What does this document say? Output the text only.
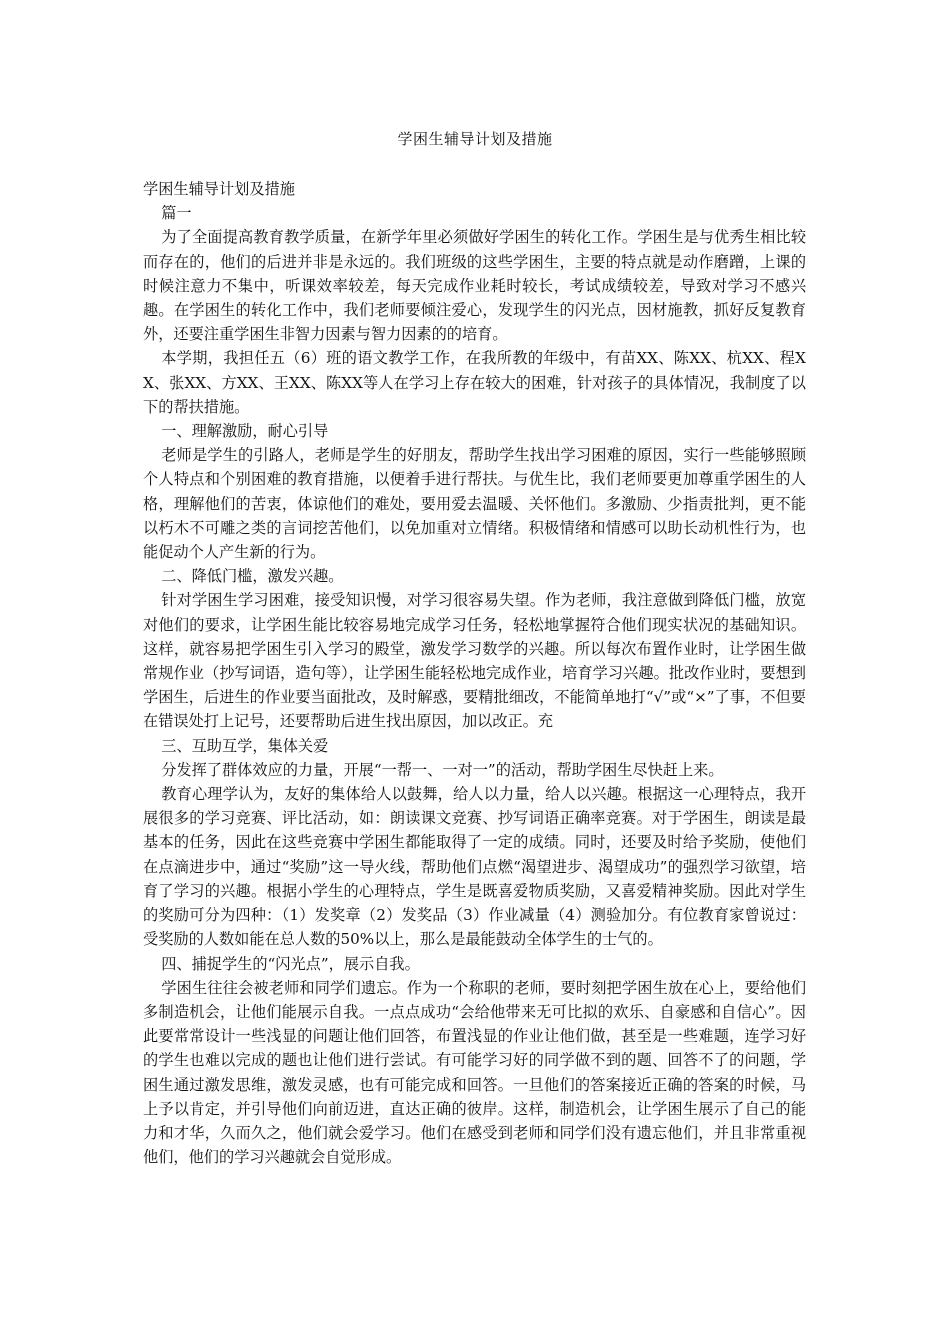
学困生辅导计划及措施

学困生辅导计划及措施

篇一

为了全面提高教育教学质量，在新学年里必须做好学困生的转化工作。学困生是与优秀生相比较而存在的，他们的后进并非是永远的。我们班级的这些学困生，主要的特点就是动作磨蹭，上课的时候注意力不集中，听课效率较差，每天完成作业耗时较长，考试成绩较差，导致对学习不感兴趣。在学困生的转化工作中，我们老师要倾注爱心，发现学生的闪光点，因材施教，抓好反复教育外，还要注重学困生非智力因素与智力因素的的培育。

本学期，我担任五（6）班的语文教学工作，在我所教的年级中，有苗XX、陈XX、杭XX、程XX、张XX、方XX、王XX、陈XX等人在学习上存在较大的困难，针对孩子的具体情况，我制度了以下的帮扶措施。

一、理解激励，耐心引导

老师是学生的引路人，老师是学生的好朋友，帮助学生找出学习困难的原因，实行一些能够照顾个人特点和个别困难的教育措施，以便着手进行帮扶。与优生比，我们老师要更加尊重学困生的人格，理解他们的苦衷，体谅他们的难处，要用爱去温暖、关怀他们。多激励、少指责批判，更不能以朽木不可雕之类的言词挖苦他们，以免加重对立情绪。积极情绪和情感可以助长动机性行为，也能促动个人产生新的行为。

二、降低门槛，激发兴趣。

针对学困生学习困难，接受知识慢，对学习很容易失望。作为老师，我注意做到降低门槛，放宽对他们的要求，让学困生能比较容易地完成学习任务，轻松地掌握符合他们现实状况的基础知识。这样，就容易把学困生引入学习的殿堂，激发学习数学的兴趣。所以每次布置作业时，让学困生做常规作业（抄写词语，造句等），让学困生能轻松地完成作业，培育学习兴趣。批改作业时，要想到学困生，后进生的作业要当面批改，及时解惑，要精批细改，不能简单地打“√”或“×”了事，不但要在错误处打上记号，还要帮助后进生找出原因，加以改正。充

三、互助互学，集体关爱

分发挥了群体效应的力量，开展“一帮一、一对一”的活动，帮助学困生尽快赶上来。

教育心理学认为，友好的集体给人以鼓舞，给人以力量，给人以兴趣。根据这一心理特点，我开展很多的学习竞赛、评比活动，如：朗读课文竞赛、抄写词语正确率竞赛。对于学困生，朗读是最基本的任务，因此在这些竞赛中学困生都能取得了一定的成绩。同时，还要及时给予奖励，使他们在点滴进步中，通过“奖励”这一导火线，帮助他们点燃“渴望进步、渴望成功”的强烈学习欲望，培育了学习的兴趣。根据小学生的心理特点，学生是既喜爱物质奖励，又喜爱精神奖励。因此对学生的奖励可分为四种：（1）发奖章（2）发奖品（3）作业减量（4）测验加分。有位教育家曾说过：受奖励的人数如能在总人数的50%以上，那么是最能鼓动全体学生的士气的。

四、捕捉学生的“闪光点”，展示自我。

学困生往往会被老师和同学们遗忘。作为一个称职的老师，要时刻把学困生放在心上，要给他们多制造机会，让他们能展示自我。一点点成功“会给他带来无可比拟的欢乐、自豪感和自信心”。因此要常常设计一些浅显的问题让他们回答，布置浅显的作业让他们做，甚至是一些难题，连学习好的学生也难以完成的题也让他们进行尝试。有可能学习好的同学做不到的题、回答不了的问题，学困生通过激发思维，激发灵感，也有可能完成和回答。一旦他们的答案接近正确的答案的时候，马上予以肯定，并引导他们向前迈进，直达正确的彼岸。这样，制造机会，让学困生展示了自己的能力和才华，久而久之，他们就会爱学习。他们在感受到老师和同学们没有遗忘他们，并且非常重视他们，他们的学习兴趣就会自觉形成。
